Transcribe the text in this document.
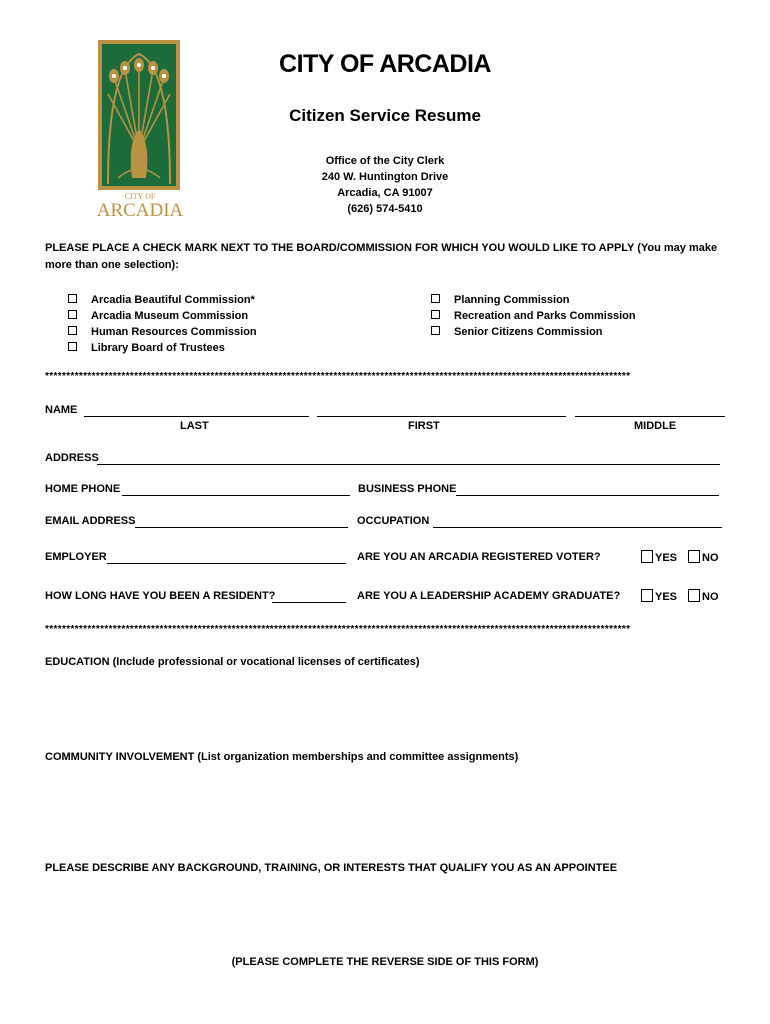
CITY OF
ARCADIA
CITY OF ARCADIA
Citizen Service Resume
Office of the City Clerk
240 W. Huntington Drive
Arcadia, CA 91007
(626) 574-5410
PLEASE PLACE A CHECK MARK NEXT TO THE BOARD/COMMISSION FOR WHICH YOU WOULD LIKE TO APPLY (You may make more than one selection):
Arcadia Beautiful Commission*
Arcadia Museum Commission
Human Resources Commission
Library Board of Trustees
Planning Commission
Recreation and Parks Commission
Senior Citizens Commission
******************************************************************************************************************************************
NAME
LAST	FIRST	MIDDLE
ADDRESS
HOME PHONE	BUSINESS PHONE
EMAIL ADDRESS	OCCUPATION
EMPLOYER	ARE YOU AN ARCADIA REGISTERED VOTER?	YES	NO
HOW LONG HAVE YOU BEEN A RESIDENT?	ARE YOU A LEADERSHIP ACADEMY GRADUATE?	YES	NO
******************************************************************************************************************************************
EDUCATION (Include professional or vocational licenses of certificates)
COMMUNITY INVOLVEMENT (List organization memberships and committee assignments)
PLEASE DESCRIBE ANY BACKGROUND, TRAINING, OR INTERESTS THAT QUALIFY YOU AS AN APPOINTEE
(PLEASE COMPLETE THE REVERSE SIDE OF THIS FORM)
